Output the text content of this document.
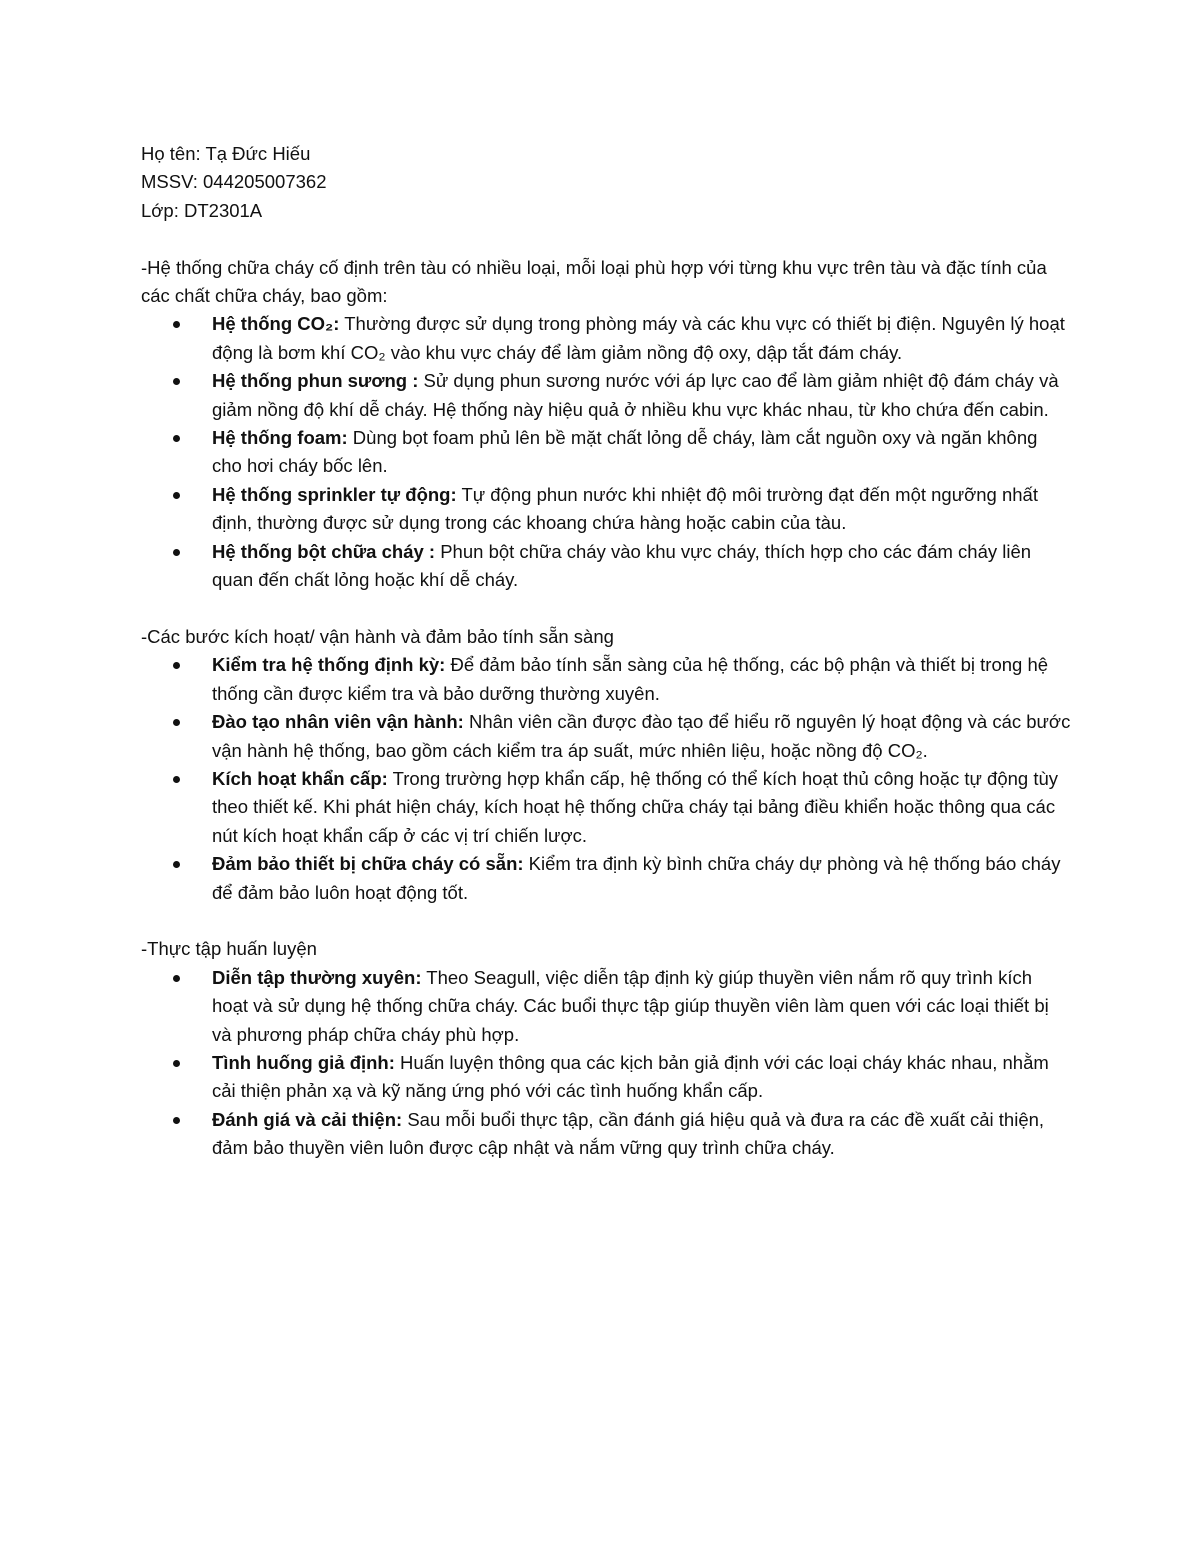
Họ tên: Tạ Đức Hiếu

MSSV: 044205007362

Lớp: DT2301A

-Hệ thống chữa cháy cố định trên tàu có nhiều loại, mỗi loại phù hợp với từng khu vực trên tàu và đặc tính của các chất chữa cháy, bao gồm:

Hệ thống CO₂: Thường được sử dụng trong phòng máy và các khu vực có thiết bị điện. Nguyên lý hoạt động là bơm khí CO₂ vào khu vực cháy để làm giảm nồng độ oxy, dập tắt đám cháy.
Hệ thống phun sương : Sử dụng phun sương nước với áp lực cao để làm giảm nhiệt độ đám cháy và giảm nồng độ khí dễ cháy. Hệ thống này hiệu quả ở nhiều khu vực khác nhau, từ kho chứa đến cabin.
Hệ thống foam: Dùng bọt foam phủ lên bề mặt chất lỏng dễ cháy, làm cắt nguồn oxy và ngăn không cho hơi cháy bốc lên.
Hệ thống sprinkler tự động: Tự động phun nước khi nhiệt độ môi trường đạt đến một ngưỡng nhất định, thường được sử dụng trong các khoang chứa hàng hoặc cabin của tàu.
Hệ thống bột chữa cháy : Phun bột chữa cháy vào khu vực cháy, thích hợp cho các đám cháy liên quan đến chất lỏng hoặc khí dễ cháy.

-Các bước kích hoạt/ vận hành và đảm bảo tính sẵn sàng

Kiểm tra hệ thống định kỳ: Để đảm bảo tính sẵn sàng của hệ thống, các bộ phận và thiết bị trong hệ thống cần được kiểm tra và bảo dưỡng thường xuyên.
Đào tạo nhân viên vận hành: Nhân viên cần được đào tạo để hiểu rõ nguyên lý hoạt động và các bước vận hành hệ thống, bao gồm cách kiểm tra áp suất, mức nhiên liệu, hoặc nồng độ CO₂.
Kích hoạt khẩn cấp: Trong trường hợp khẩn cấp, hệ thống có thể kích hoạt thủ công hoặc tự động tùy theo thiết kế. Khi phát hiện cháy, kích hoạt hệ thống chữa cháy tại bảng điều khiển hoặc thông qua các nút kích hoạt khẩn cấp ở các vị trí chiến lược.
Đảm bảo thiết bị chữa cháy có sẵn: Kiểm tra định kỳ bình chữa cháy dự phòng và hệ thống báo cháy để đảm bảo luôn hoạt động tốt.

-Thực tập huấn luyện

Diễn tập thường xuyên: Theo Seagull, việc diễn tập định kỳ giúp thuyền viên nắm rõ quy trình kích hoạt và sử dụng hệ thống chữa cháy. Các buổi thực tập giúp thuyền viên làm quen với các loại thiết bị và phương pháp chữa cháy phù hợp.
Tình huống giả định: Huấn luyện thông qua các kịch bản giả định với các loại cháy khác nhau, nhằm cải thiện phản xạ và kỹ năng ứng phó với các tình huống khẩn cấp.
Đánh giá và cải thiện: Sau mỗi buổi thực tập, cần đánh giá hiệu quả và đưa ra các đề xuất cải thiện, đảm bảo thuyền viên luôn được cập nhật và nắm vững quy trình chữa cháy.
